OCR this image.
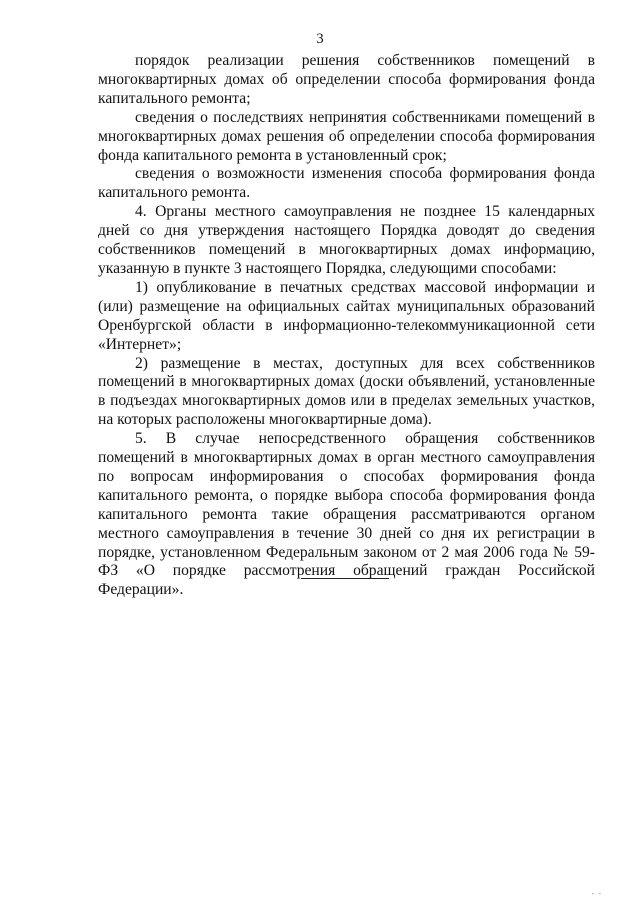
3

порядок реализации решения собственников помещений в многоквартирных домах об определении способа формирования фонда капитального ремонта;

сведения о последствиях непринятия собственниками помещений в многоквартирных домах решения об определении способа формирования фонда капитального ремонта в установленный срок;

сведения о возможности изменения способа формирования фонда капитального ремонта.

4. Органы местного самоуправления не позднее 15 календарных дней со дня утверждения настоящего Порядка доводят до сведения собственников помещений в многоквартирных домах информацию, указанную в пункте 3 настоящего Порядка, следующими способами:

1) опубликование в печатных средствах массовой информации и (или) размещение на официальных сайтах муниципальных образований Оренбургской области в информационно-телекоммуникационной сети «Интернет»;

2) размещение в местах, доступных для всех собственников помещений в многоквартирных домах (доски объявлений, установленные в подъездах многоквартирных домов или в пределах земельных участков, на которых расположены многоквартирные дома).

5. В случае непосредственного обращения собственников помещений в многоквартирных домах в орган местного самоуправления по вопросам информирования о способах формирования фонда капитального ремонта, о порядке выбора способа формирования фонда капитального ремонта такие обращения рассматриваются органом местного самоуправления в течение 30 дней со дня их регистрации в порядке, установленном Федеральным законом от 2 мая 2006 года № 59-ФЗ «О порядке рассмотрения обращений граждан Российской Федерации».

- -
